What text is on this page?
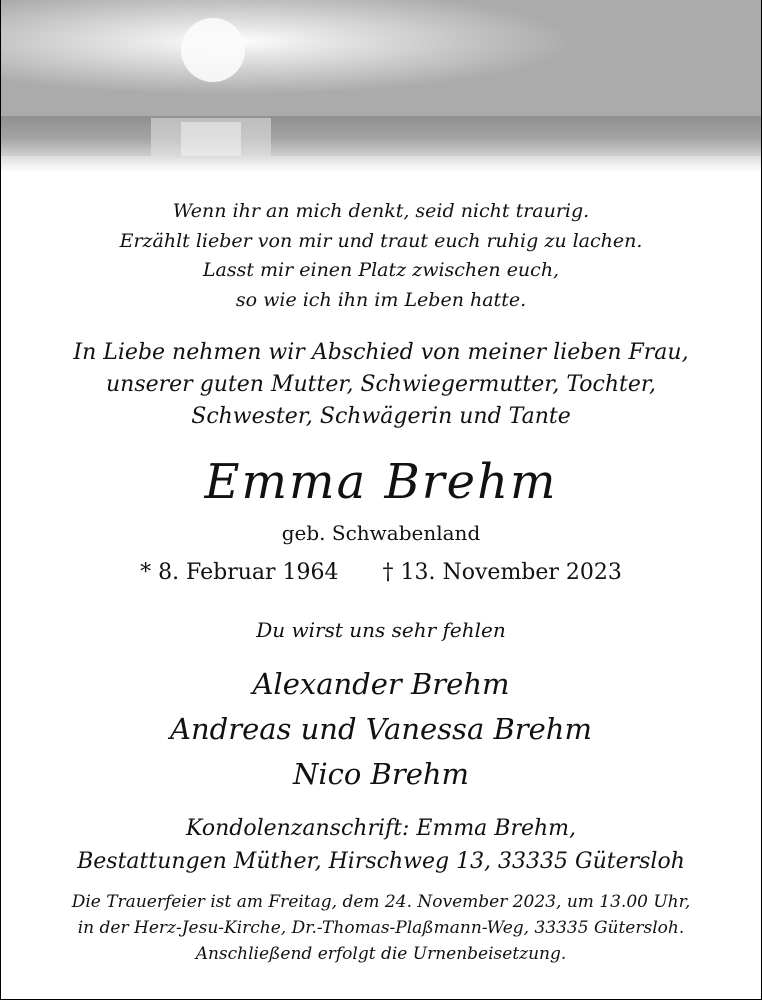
Wenn ihr an mich denkt, seid nicht traurig.
Erzählt lieber von mir und traut euch ruhig zu lachen.
Lasst mir einen Platz zwischen euch,
so wie ich ihn im Leben hatte.
In Liebe nehmen wir Abschied von meiner lieben Frau,
unserer guten Mutter, Schwiegermutter, Tochter,
Schwester, Schwägerin und Tante
Emma Brehm
geb. Schwabenland
* 8. Februar 1964 † 13. November 2023
Du wirst uns sehr fehlen
Alexander Brehm
Andreas und Vanessa Brehm
Nico Brehm
Kondolenzanschrift: Emma Brehm,
Bestattungen Müther, Hirschweg 13, 33335 Gütersloh
Die Trauerfeier ist am Freitag, dem 24. November 2023, um 13.00 Uhr,
in der Herz-Jesu-Kirche, Dr.-Thomas-Plaßmann-Weg, 33335 Gütersloh.
Anschließend erfolgt die Urnenbeisetzung.
